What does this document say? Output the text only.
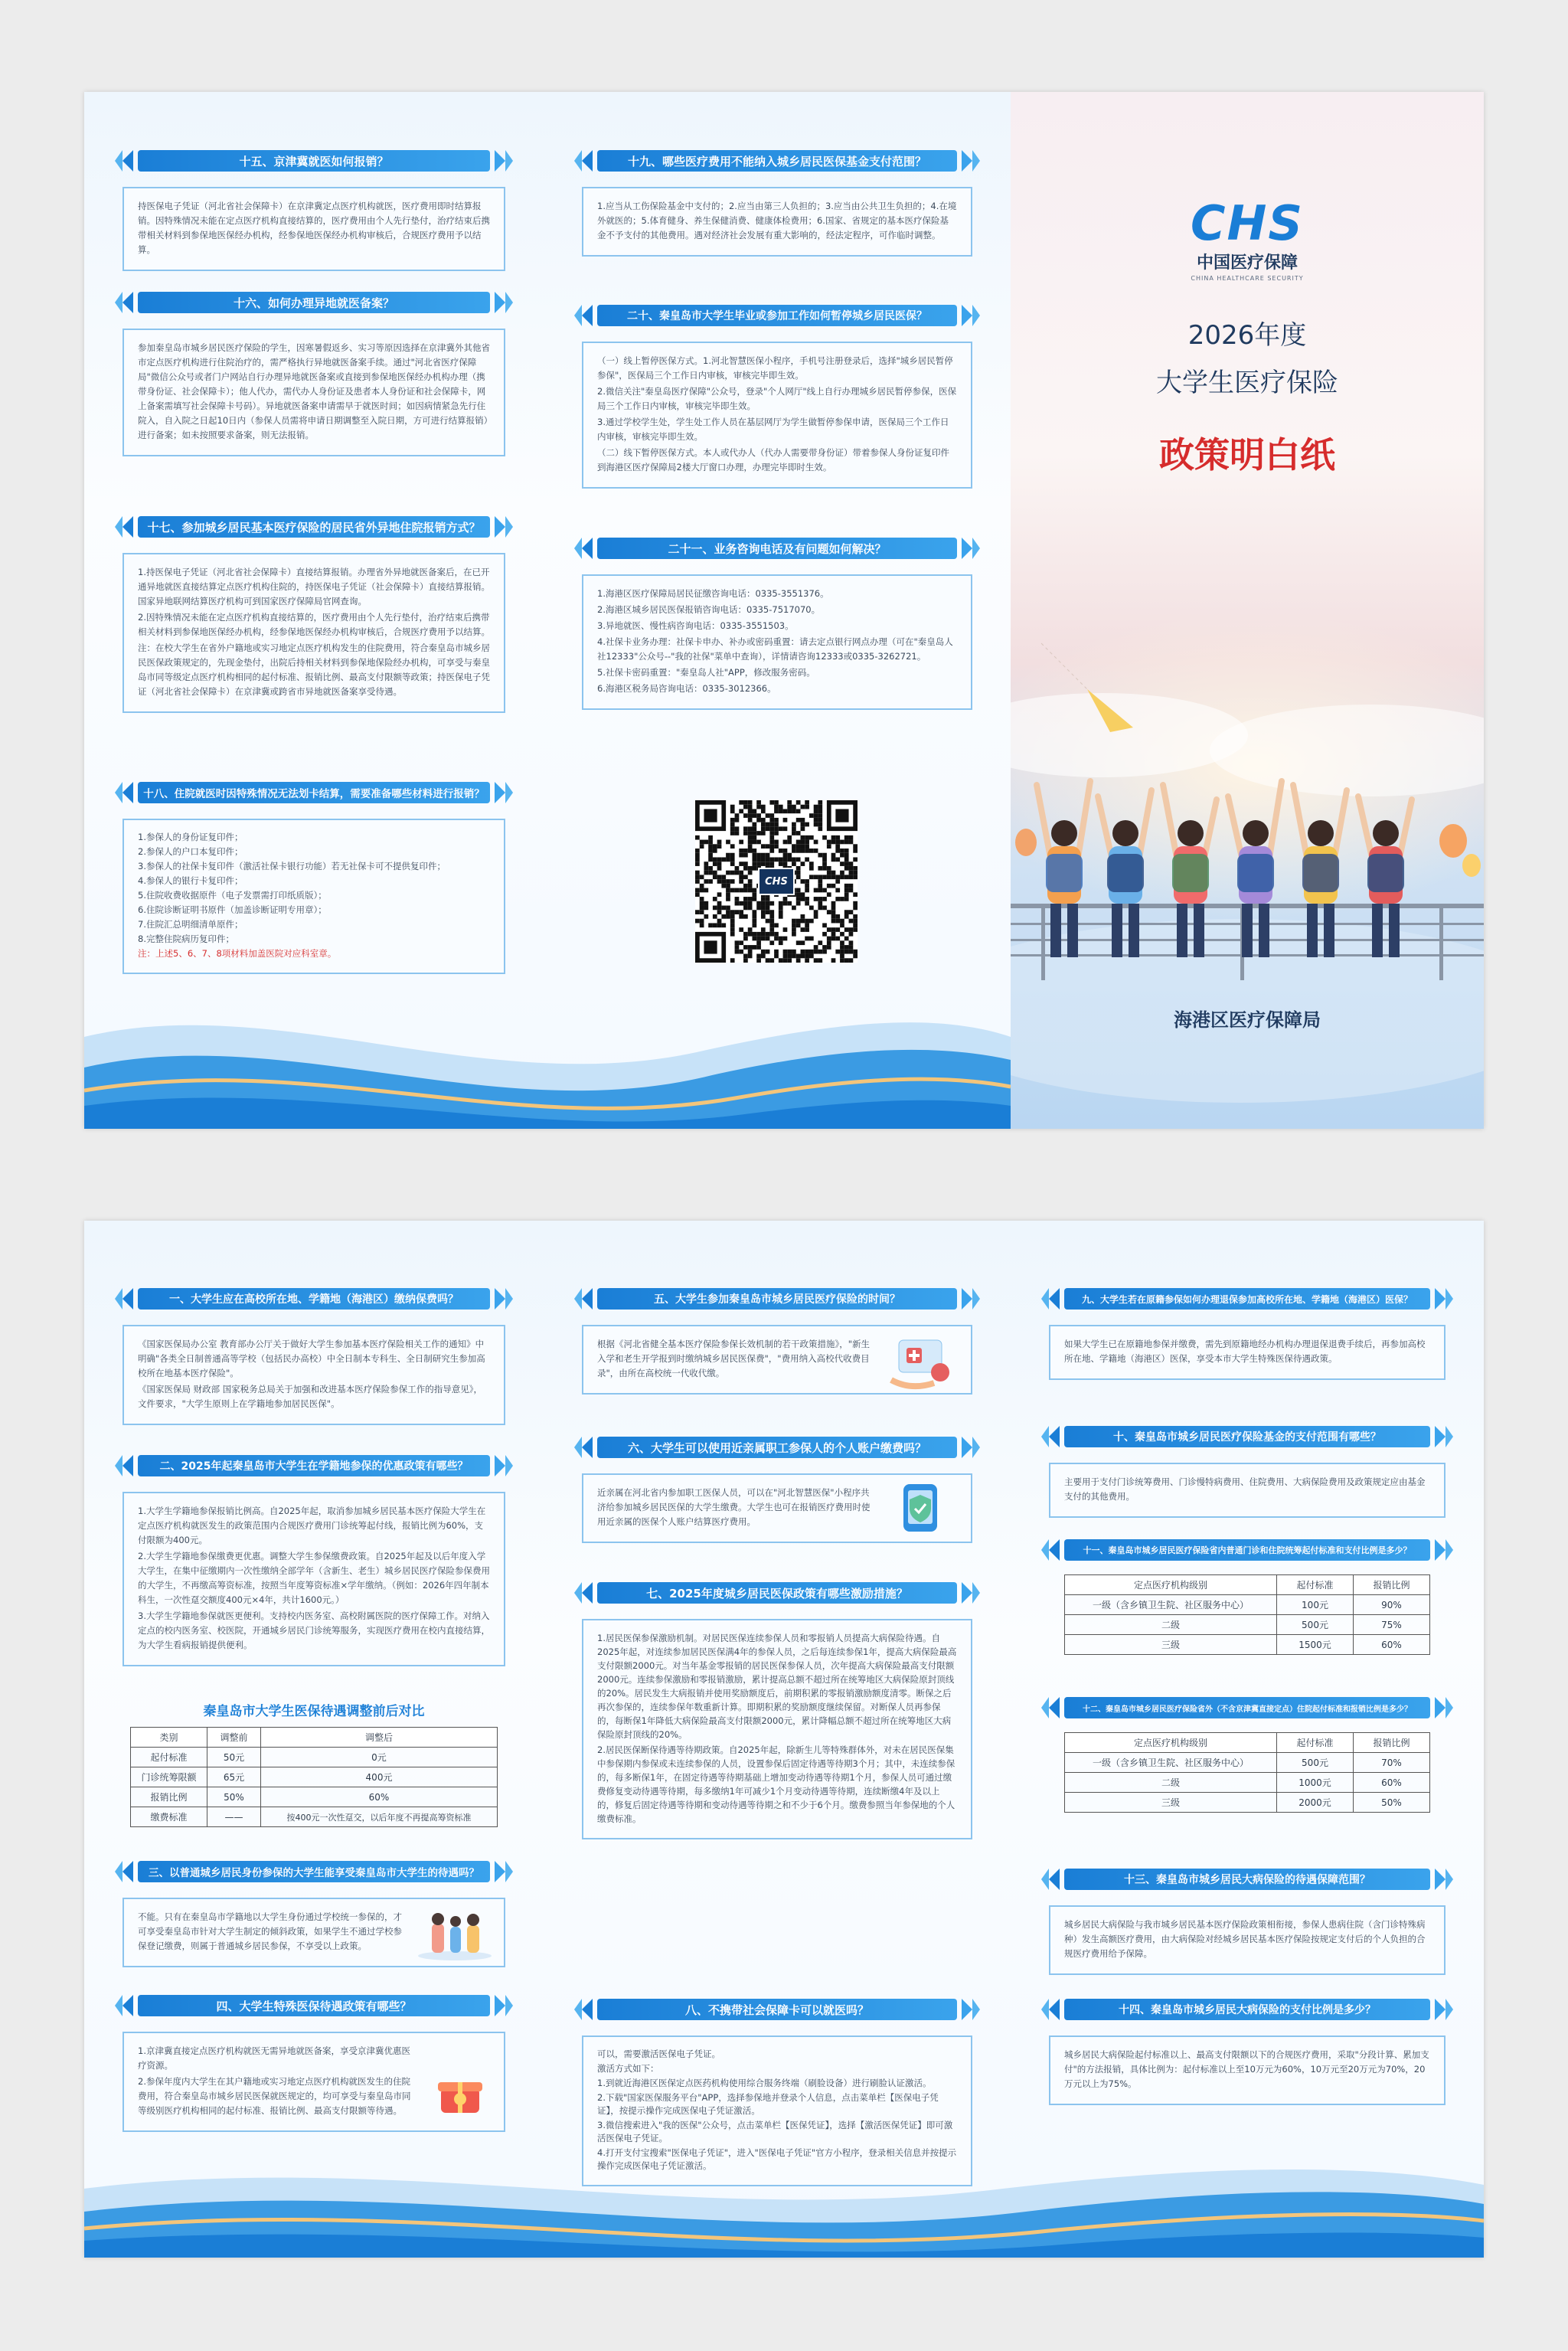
十五、京津冀就医如何报销？

持医保电子凭证（河北省社会保障卡）在京津冀定点医疗机构就医，医疗费用即时结算报销。因特殊情况未能在定点医疗机构直接结算的，医疗费用由个人先行垫付，治疗结束后携带相关材料到参保地医保经办机构，经参保地医保经办机构审核后，合规医疗费用予以结算。

十六、如何办理异地就医备案？

参加秦皇岛市城乡居民医疗保险的学生，因寒暑假返乡、实习等原因选择在京津冀外其他省市定点医疗机构进行住院治疗的，需严格执行异地就医备案手续。通过"河北省医疗保障局"微信公众号或者门户网站自行办理异地就医备案或直接到参保地医保经办机构办理（携带身份证、社会保障卡）；他人代办，需代办人身份证及患者本人身份证和社会保障卡，网上备案需填写社会保障卡号码）。异地就医备案申请需早于就医时间；如因病情紧急先行住院入，自入院之日起10日内（参保人员需将申请日期调整至入院日期，方可进行结算报销）进行备案；如未按照要求备案，则无法报销。

十七、参加城乡居民基本医疗保险的居民省外异地住院报销方式？

1.持医保电子凭证（河北省社会保障卡）直接结算报销。办理省外异地就医备案后，在已开通异地就医直接结算定点医疗机构住院的，持医保电子凭证（社会保障卡）直接结算报销。国家异地联网结算医疗机构可到国家医疗保障局官网查询。

2.因特殊情况未能在定点医疗机构直接结算的，医疗费用由个人先行垫付，治疗结束后携带相关材料到参保地医保经办机构，经参保地医保经办机构审核后，合规医疗费用予以结算。

注：在校大学生在省外户籍地或实习地定点医疗机构发生的住院费用，符合秦皇岛市城乡居民医保政策规定的，先现金垫付，出院后持相关材料到参保地保险经办机构，可享受与秦皇岛市同等级定点医疗机构相同的起付标准、报销比例、最高支付限额等政策；持医保电子凭证（河北省社会保障卡）在京津冀或跨省市异地就医备案享受待遇。

十八、住院就医时因特殊情况无法划卡结算，需要准备哪些材料进行报销？

1.参保人的身份证复印件；

2.参保人的户口本复印件；

3.参保人的社保卡复印件（激活社保卡银行功能）若无社保卡可不提供复印件；

4.参保人的银行卡复印件；

5.住院收费收据原件（电子发票需打印纸质版）；

6.住院诊断证明书原件（加盖诊断证明专用章）；

7.住院汇总明细清单原件；

8.完整住院病历复印件；

注：上述5、6、7、8项材料加盖医院对应科室章。

十九、哪些医疗费用不能纳入城乡居民医保基金支付范围？

1.应当从工伤保险基金中支付的；2.应当由第三人负担的；3.应当由公共卫生负担的；4.在境外就医的；5.体育健身、养生保健消费、健康体检费用；6.国家、省规定的基本医疗保险基金不予支付的其他费用。遇对经济社会发展有重大影响的，经法定程序，可作临时调整。

二十、秦皇岛市大学生毕业或参加工作如何暂停城乡居民医保？

（一）线上暂停医保方式。1.河北智慧医保小程序，手机号注册登录后，选择"城乡居民暂停参保"，医保局三个工作日内审核，审核完毕即生效。

2.微信关注"秦皇岛医疗保障"公众号，登录"个人网厅"线上自行办理城乡居民暂停参保，医保局三个工作日内审核，审核完毕即生效。

3.通过学校学生处，学生处工作人员在基层网厅为学生做暂停参保申请，医保局三个工作日内审核，审核完毕即生效。

（二）线下暂停医保方式。本人或代办人（代办人需要带身份证）带着参保人身份证复印件到海港区医疗保障局2楼大厅窗口办理，办理完毕即时生效。

二十一、业务咨询电话及有问题如何解决？

1.海港区医疗保障局居民征缴咨询电话：0335-3551376。

2.海港区城乡居民医保报销咨询电话：0335-7517070。

3.异地就医、慢性病咨询电话：0335-3551503。

4.社保卡业务办理：社保卡申办、补办或密码重置：请去定点银行网点办理（可在"秦皇岛人社12333"公众号--"我的社保"菜单中查询），详情请咨询12333或0335-3262721。

5.社保卡密码重置："秦皇岛人社"APP，修改服务密码。

6.海港区税务局咨询电话：0335-3012366。

CHS
CHS
中国医疗保障
CHINA HEALTHCARE SECURITY
2026年度
大学生医疗保险
政策明白纸
海港区医疗保障局
一、大学生应在高校所在地、学籍地（海港区）缴纳保费吗？

《国家医保局办公室 教育部办公厅关于做好大学生参加基本医疗保险相关工作的通知》中明确"各类全日制普通高等学校（包括民办高校）中全日制本专科生、全日制研究生参加高校所在地基本医疗保险"。

《国家医保局 财政部 国家税务总局关于加强和改进基本医疗保险参保工作的指导意见》，文件要求，"大学生原则上在学籍地参加居民医保"。

二、2025年起秦皇岛市大学生在学籍地参保的优惠政策有哪些？

1.大学生学籍地参保报销比例高。自2025年起，取消参加城乡居民基本医疗保险大学生在定点医疗机构就医发生的政策范围内合规医疗费用门诊统筹起付线，报销比例为60%，支付限额为400元。

2.大学生学籍地参保缴费更优惠。调整大学生参保缴费政策。自2025年起及以后年度入学大学生，在集中征缴期内一次性缴纳全部学年（含新生、老生）城乡居民医疗保险参保费用的大学生，不再缴高筹资标准，按照当年度筹资标准×学年缴纳。（例如：2026年四年制本科生，一次性趸交额度400元×4年，共计1600元。）

3.大学生学籍地参保就医更便利。支持校内医务室、高校附属医院的医疗保障工作。对纳入定点的校内医务室、校医院，开通城乡居民门诊统筹服务，实现医疗费用在校内直接结算，为大学生看病报销提供便利。

秦皇岛市大学生医保待遇调整前后对比
类别	调整前	调整后
起付标准	50元	0元
门诊统筹限额	65元	400元
报销比例	50%	60%
缴费标准	——	按400元一次性趸交，以后年度不再提高筹资标准
三、以普通城乡居民身份参保的大学生能享受秦皇岛市大学生的待遇吗？

不能。只有在秦皇岛市学籍地以大学生身份通过学校统一参保的，才可享受秦皇岛市针对大学生制定的倾斜政策，如果学生不通过学校参保登记缴费，则属于普通城乡居民参保，不享受以上政策。

四、大学生特殊医保待遇政策有哪些？

1.京津冀直接定点医疗机构就医无需异地就医备案，享受京津冀优惠医疗资源。

2.参保年度内大学生在其户籍地或实习地定点医疗机构就医发生的住院费用，符合秦皇岛市城乡居民医保就医规定的，均可享受与秦皇岛市同等级别医疗机构相同的起付标准、报销比例、最高支付限额等待遇。

五、大学生参加秦皇岛市城乡居民医疗保险的时间？

根据《河北省健全基本医疗保险参保长效机制的若干政策措施》，"新生入学和老生开学报到时缴纳城乡居民医保费"，"费用纳入高校代收费目录"，由所在高校统一代收代缴。

六、大学生可以使用近亲属职工参保人的个人账户缴费吗？

近亲属在河北省内参加职工医保人员，可以在"河北智慧医保"小程序共济给参加城乡居民医保的大学生缴费。大学生也可在报销医疗费用时使用近亲属的医保个人账户结算医疗费用。

七、2025年度城乡居民医保政策有哪些激励措施？

1.居民医保参保激励机制。对居民医保连续参保人员和零报销人员提高大病保险待遇。自2025年起，对连续参加居民医保满4年的参保人员，之后每连续参保1年，提高大病保险最高支付限额2000元。对当年基金零报销的居民医保参保人员，次年提高大病保险最高支付限额2000元。连续参保激励和零报销激励，累计提高总额不超过所在统筹地区大病保险原封顶线的20%。居民发生大病报销并使用奖励额度后，前期积累的零报销激励额度清零。断保之后再次参保的，连续参保年数重新计算。即期积累的奖励额度继续保留。对断保人员再参保的，每断保1年降低大病保险最高支付限额2000元，累计降幅总额不超过所在统筹地区大病保险原封顶线的20%。

2.居民医保断保待遇等待期政策。自2025年起，除新生儿等特殊群体外，对未在居民医保集中参保期内参保或未连续参保的人员，设置参保后固定待遇等待期3个月；其中，未连续参保的，每多断保1年，在固定待遇等待期基础上增加变动待遇等待期1个月，参保人员可通过缴费修复变动待遇等待期，每多缴纳1年可减少1个月变动待遇等待期，连续断缴4年及以上的，修复后固定待遇等待期和变动待遇等待期之和不少于6个月。缴费参照当年参保地的个人缴费标准。

八、不携带社会保障卡可以就医吗？

可以，需要激活医保电子凭证。

激活方式如下：

1.到就近海港区医保定点医药机构使用综合服务终端（刷脸设备）进行刷脸认证激活。

2.下载"国家医保服务平台"APP，选择参保地并登录个人信息，点击菜单栏【医保电子凭证】，按提示操作完成医保电子凭证激活。

3.微信搜索进入"我的医保"公众号，点击菜单栏【医保凭证】，选择【激活医保凭证】即可激活医保电子凭证。

4.打开支付宝搜索"医保电子凭证"，进入"医保电子凭证"官方小程序，登录相关信息并按提示操作完成医保电子凭证激活。

九、大学生若在原籍参保如何办理退保参加高校所在地、学籍地（海港区）医保？

如果大学生已在原籍地参保并缴费，需先到原籍地经办机构办理退保退费手续后，再参加高校所在地、学籍地（海港区）医保，享受本市大学生特殊医保待遇政策。

十、秦皇岛市城乡居民医疗保险基金的支付范围有哪些？

主要用于支付门诊统筹费用、门诊慢特病费用、住院费用、大病保险费用及政策规定应由基金支付的其他费用。

十一、秦皇岛市城乡居民医疗保险省内普通门诊和住院统筹起付标准和支付比例是多少？
定点医疗机构级别	起付标准	报销比例
一级（含乡镇卫生院、社区服务中心）	100元	90%
二级	500元	75%
三级	1500元	60%
十二、秦皇岛市城乡居民医疗保险省外（不含京津冀直接定点）住院起付标准和报销比例是多少？
定点医疗机构级别	起付标准	报销比例
一级（含乡镇卫生院、社区服务中心）	500元	70%
二级	1000元	60%
三级	2000元	50%
十三、秦皇岛市城乡居民大病保险的待遇保障范围？

城乡居民大病保险与我市城乡居民基本医疗保险政策相衔接，参保人患病住院（含门诊特殊病种）发生高额医疗费用，由大病保险对经城乡居民基本医疗保险按规定支付后的个人负担的合规医疗费用给予保障。

十四、秦皇岛市城乡居民大病保险的支付比例是多少？

城乡居民大病保险起付标准以上、最高支付限额以下的合规医疗费用，采取"分段计算、累加支付"的方法报销，具体比例为：起付标准以上至10万元为60%，10万元至20万元为70%，20万元以上为75%。
